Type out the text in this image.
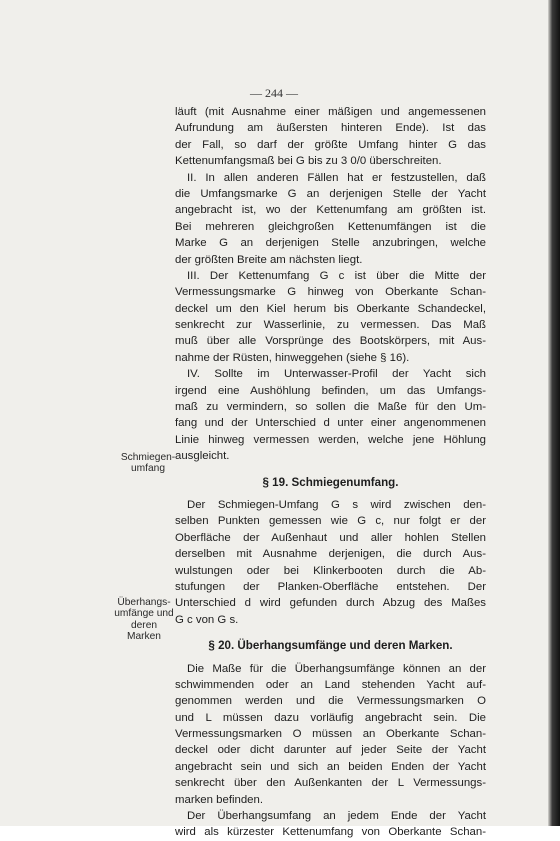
— 244 —
läuft (mit Ausnahme einer mäßigen und angemessenen
Aufrundung am äußersten hinteren Ende). Ist das
der Fall, so darf der größte Umfang hinter G das
Kettenumfangsmaß bei G bis zu 3 0/0 überschreiten.
II. In allen anderen Fällen hat er festzustellen, daß
die Umfangsmarke G an derjenigen Stelle der Yacht
angebracht ist, wo der Kettenumfang am größten ist.
Bei mehreren gleichgroßen Kettenumfängen ist die
Marke G an derjenigen Stelle anzubringen, welche
der größten Breite am nächsten liegt.
III. Der Kettenumfang G c ist über die Mitte der
Vermessungsmarke G hinweg von Oberkante Schan-
deckel um den Kiel herum bis Oberkante Schandeckel,
senkrecht zur Wasserlinie, zu vermessen. Das Maß
muß über alle Vorsprünge des Bootskörpers, mit Aus-
nahme der Rüsten, hinweggehen (siehe § 16).
IV. Sollte im Unterwasser-Profil der Yacht sich
irgend eine Aushöhlung befinden, um das Umfangs-
maß zu vermindern, so sollen die Maße für den Um-
fang und der Unterschied d unter einer angenommenen
Linie hinweg vermessen werden, welche jene Höhlung
ausgleicht.
§ 19. Schmiegenumfang.
Der Schmiegen-Umfang G s wird zwischen den-
selben Punkten gemessen wie G c, nur folgt er der
Oberfläche der Außenhaut und aller hohlen Stellen
derselben mit Ausnahme derjenigen, die durch Aus-
wulstungen oder bei Klinkerbooten durch die Ab-
stufungen der Planken-Oberfläche entstehen. Der
Unterschied d wird gefunden durch Abzug des Maßes
G c von G s.
§ 20. Überhangsumfänge und deren Marken.
Die Maße für die Überhangsumfänge können an der
schwimmenden oder an Land stehenden Yacht auf-
genommen werden und die Vermessungsmarken O
und L müssen dazu vorläufig angebracht sein. Die
Vermessungsmarken O müssen an Oberkante Schan-
deckel oder dicht darunter auf jeder Seite der Yacht
angebracht sein und sich an beiden Enden der Yacht
senkrecht über den Außenkanten der L Vermessungs-
marken befinden.
Der Überhangsumfang an jedem Ende der Yacht
wird als kürzester Kettenumfang von Oberkante Schan-
Schmiegen-
umfang
Überhangs-
umfänge und
deren
Marken
